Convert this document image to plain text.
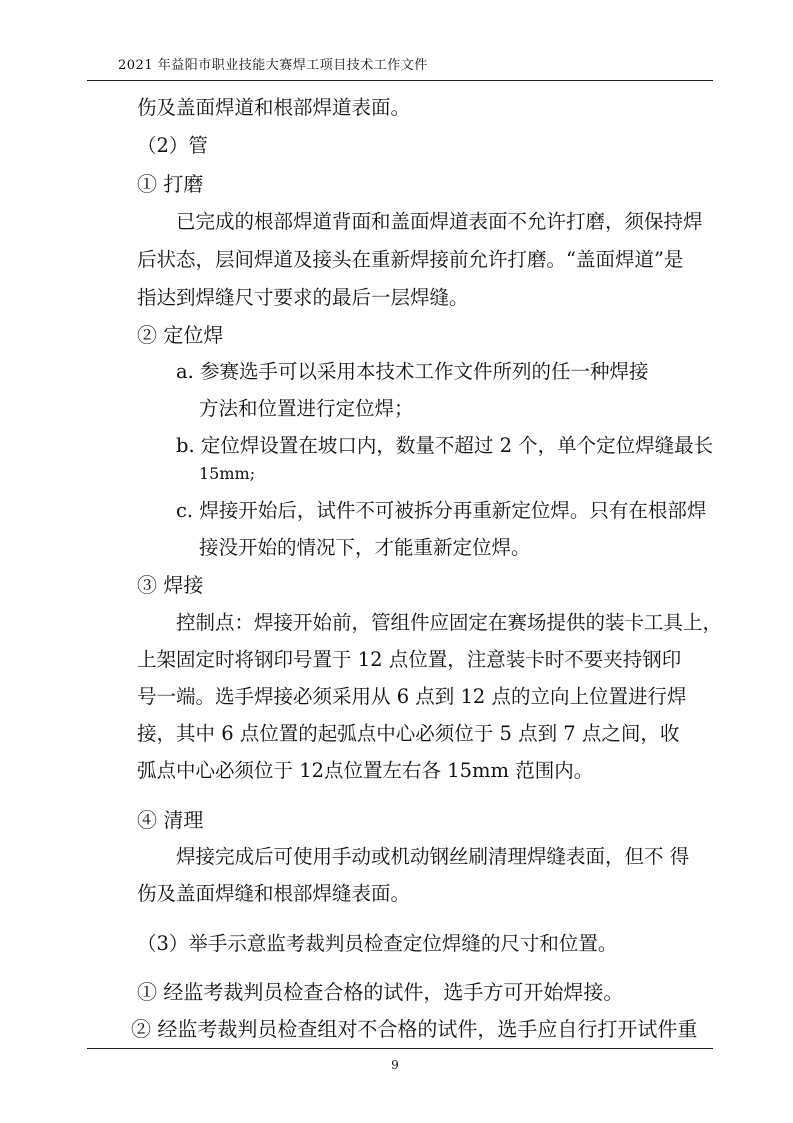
2021 年益阳市职业技能大赛焊工项目技术工作文件
伤及盖面焊道和根部焊道表面。
（2）管
① 打磨
已完成的根部焊道背面和盖面焊道表面不允许打磨，须保持焊
后状态，层间焊道及接头在重新焊接前允许打磨。“盖面焊道”是
指达到焊缝尺寸要求的最后一层焊缝。
② 定位焊
a. 参赛选手可以采用本技术工作文件所列的任一种焊接
方法和位置进行定位焊；
b. 定位焊设置在坡口内，数量不超过 2 个，单个定位焊缝最长
15mm;
c. 焊接开始后，试件不可被拆分再重新定位焊。只有在根部焊
接没开始的情况下，才能重新定位焊。
③ 焊接
控制点：焊接开始前，管组件应固定在赛场提供的装卡工具上，
上架固定时将钢印号置于 12 点位置，注意装卡时不要夹持钢印
号一端。选手焊接必须采用从 6 点到 12 点的立向上位置进行焊
接，其中 6 点位置的起弧点中心必须位于 5 点到 7 点之间，收
弧点中心必须位于 12点位置左右各 15mm 范围内。
④ 清理
焊接完成后可使用手动或机动钢丝刷清理焊缝表面，但不 得
伤及盖面焊缝和根部焊缝表面。
（3）举手示意监考裁判员检查定位焊缝的尺寸和位置。
① 经监考裁判员检查合格的试件，选手方可开始焊接。
② 经监考裁判员检查组对不合格的试件，选手应自行打开试件重
9
